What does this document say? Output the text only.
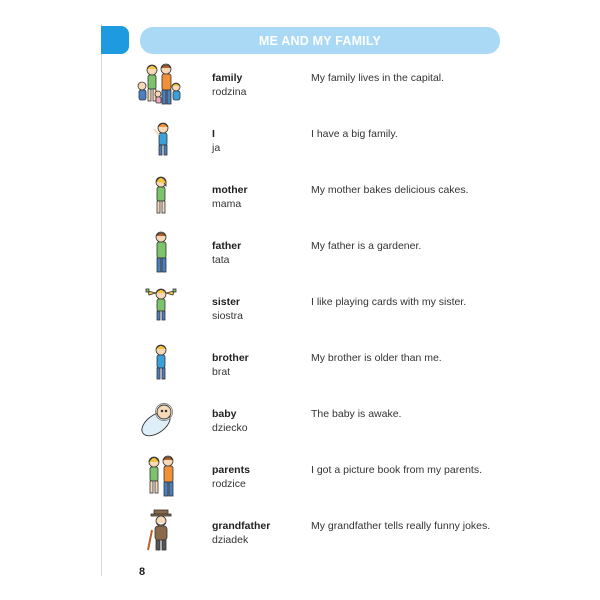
ME AND MY FAMILY
family
rodzina
My family lives in the capital.
I
ja
I have a big family.
mother
mama
My mother bakes delicious cakes.
father
tata
My father is a gardener.
sister
siostra
I like playing cards with my sister.
brother
brat
My brother is older than me.
baby
dziecko
The baby is awake.
parents
rodzice
I got a picture book from my parents.
grandfather
dziadek
My grandfather tells really funny jokes.
8
